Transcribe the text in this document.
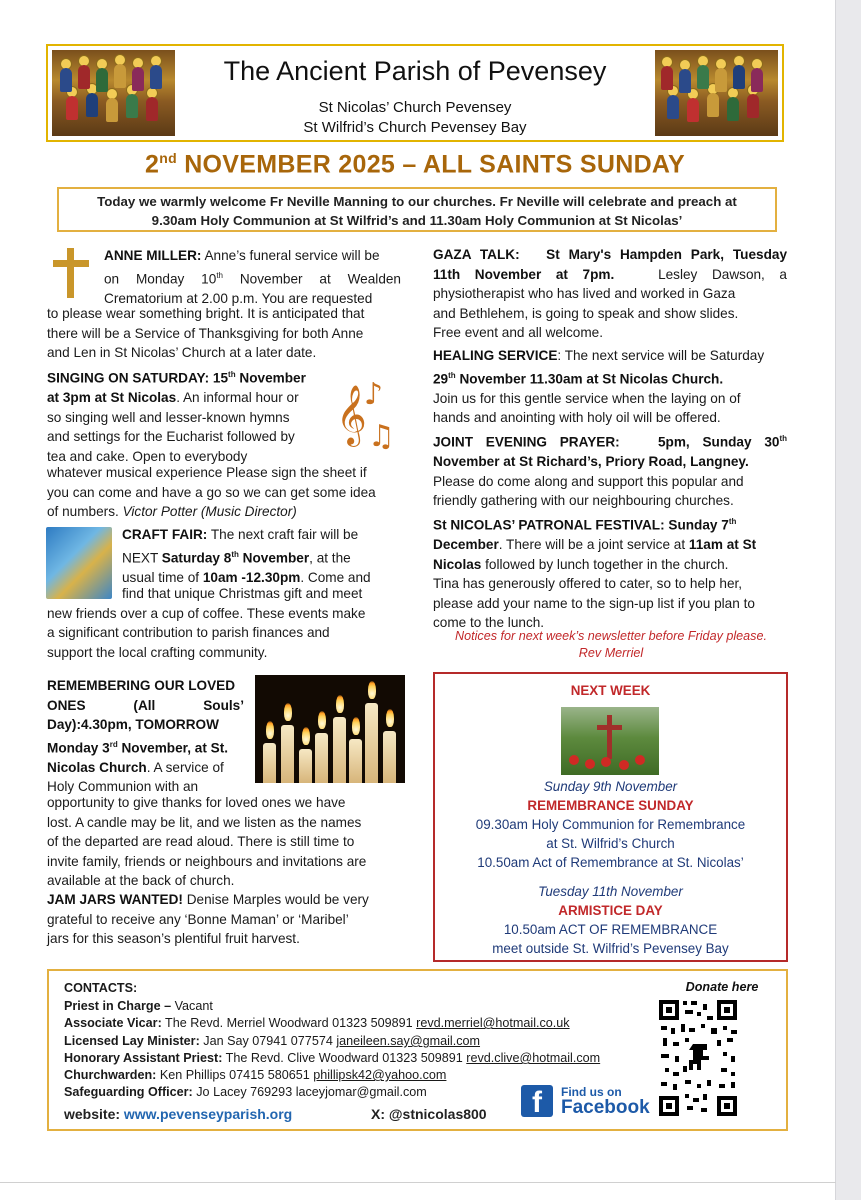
The Ancient Parish of Pevensey
St Nicolas’ Church Pevensey
St Wilfrid’s Church Pevensey Bay
2nd NOVEMBER 2025 – ALL SAINTS SUNDAY
Today we warmly welcome Fr Neville Manning to our churches. Fr Neville will celebrate and preach at
9.30am Holy Communion at St Wilfrid’s and 11.30am Holy Communion at St Nicolas’
ANNE MILLER: Anne’s funeral service will be
on Monday 10th November at Wealden
Crematorium at 2.00 p.m. You are requested
to please wear something bright. It is anticipated that
there will be a Service of Thanksgiving for both Anne
and Len in St Nicolas’ Church at a later date.
SINGING ON SATURDAY: 15th November
at 3pm at St Nicolas. An informal hour or
so singing well and lesser-known hymns
and settings for the Eucharist followed by
tea and cake. Open to everybody
𝄞
♪
♫
whatever musical experience Please sign the sheet if
you can come and have a go so we can get some idea
of numbers. Victor Potter (Music Director)
CRAFT FAIR: The next craft fair will be
NEXT Saturday 8th November, at the
usual time of 10am -12.30pm. Come and
find that unique Christmas gift and meet
new friends over a cup of coffee. These events make
a significant contribution to parish finances and
support the local crafting community.
REMEMBERING OUR LOVED
ONES	(All	Souls’
Day):4.30pm, TOMORROW
Monday 3rd November, at St.
Nicolas Church. A service of
Holy Communion with an
opportunity to give thanks for loved ones we have
lost. A candle may be lit, and we listen as the names
of the departed are read aloud. There is still time to
invite family, friends or neighbours and invitations are
available at the back of church.
JAM JARS WANTED! Denise Marples would be very
grateful to receive any ‘Bonne Maman’ or ‘Maribel’
jars for this season’s plentiful fruit harvest.
GAZA TALK: St Mary's Hampden Park, Tuesday
11th November at 7pm.	Lesley Dawson, a
physiotherapist who has lived and worked in Gaza
and Bethlehem, is going to speak and show slides.
Free event and all welcome.
HEALING SERVICE: The next service will be Saturday
29th November 11.30am at St Nicolas Church.
Join us for this gentle service when the laying on of
hands and anointing with holy oil will be offered.
JOINT EVENING PRAYER:	5pm, Sunday 30th
November at St Richard’s, Priory Road, Langney.
Please do come along and support this popular and
friendly gathering with our neighbouring churches.
St NICOLAS’ PATRONAL FESTIVAL: Sunday 7th
December. There will be a joint service at 11am at St
Nicolas followed by lunch together in the church.
Tina has generously offered to cater, so to help her,
please add your name to the sign-up list if you plan to
come to the lunch.
Notices for next week’s newsletter before Friday please.
Rev Merriel
NEXT WEEK
Sunday 9th November
REMEMBRANCE SUNDAY
09.30am Holy Communion for Remembrance
at St. Wilfrid’s Church
10.50am Act of Remembrance at St. Nicolas’
Tuesday 11th November
ARMISTICE DAY
10.50am ACT OF REMEMBRANCE
meet outside St. Wilfrid’s Pevensey Bay
CONTACTS:
Priest in Charge – Vacant
Associate Vicar: The Revd. Merriel Woodward 01323 509891 revd.merriel@hotmail.co.uk
Licensed Lay Minister: Jan Say 07941 077574 janeileen.say@gmail.com
Honorary Assistant Priest: The Revd. Clive Woodward 01323 509891 revd.clive@hotmail.com
Churchwarden: Ken Phillips 07415 580651 phillipsk42@yahoo.com
Safeguarding Officer: Jo Lacey 769293 laceyjomar@gmail.com
website: www.pevenseyparish.org	X: @stnicolas800	f	Find us on
Facebook
Donate here
